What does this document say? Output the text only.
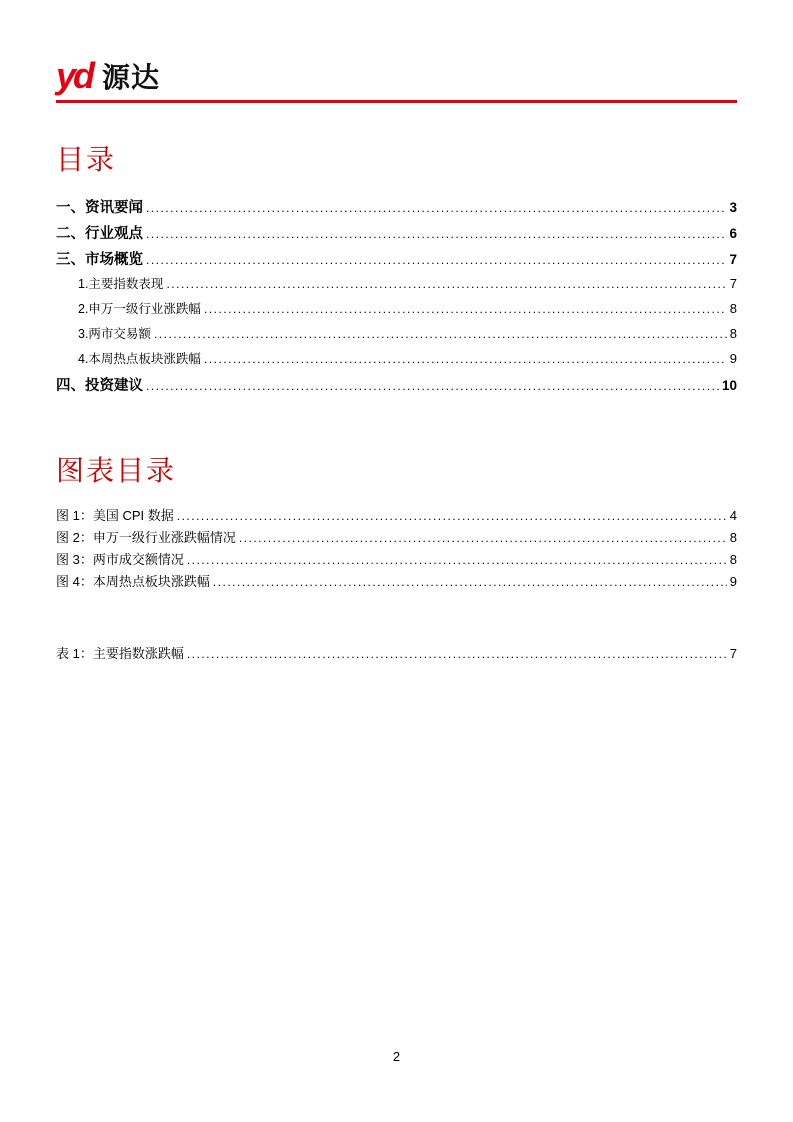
yd 源达
目录
一、资讯要闻 .....	3
二、行业观点 .....	6
三、市场概览 .....	7
1.主要指数表现 .....	7
2.申万一级行业涨跌幅 .....	8
3.两市交易额 .....	8
4.本周热点板块涨跌幅 .....	9
四、投资建议 .....	10
图表目录
图 1：美国 CPI 数据 .....	4
图 2：申万一级行业涨跌幅情况 .....	8
图 3：两市成交额情况 .....	8
图 4：本周热点板块涨跌幅 .....	9
表 1：主要指数涨跌幅 .....	7
2
